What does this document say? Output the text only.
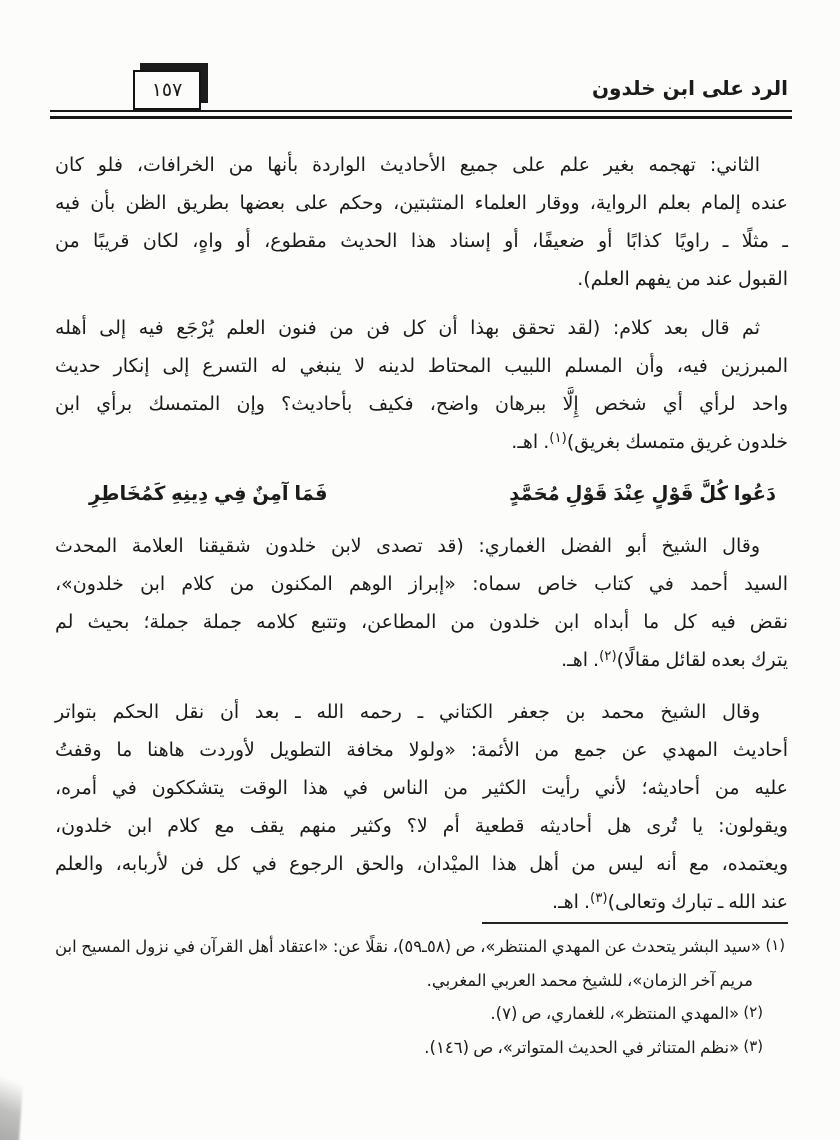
١٥٧	الرد على ابن خلدون

الثاني: تهجمه بغير علم على جميع الأحاديث الواردة بأنها من الخرافات، فلو كان
عنده إلمام بعلم الرواية، ووقار العلماء المتثبتين، وحكم على بعضها بطريق الظن بأن فيه
ـ مثلًا ـ راويًا كذابًا أو ضعيفًا، أو إسناد هذا الحديث مقطوع، أو واهٍ، لكان قريبًا من
القبول عند من يفهم العلم).

ثم قال بعد كلام: (لقد تحقق بهذا أن كل فن من فنون العلم يُرْجَع فيه إلى أهله
المبرزين فيه، وأن المسلم اللبيب المحتاط لدينه لا ينبغي له التسرع إلى إنكار حديث
واحد لرأي أي شخص إِلَّا ببرهان واضح، فكيف بأحاديث؟ وإن المتمسك برأي ابن
خلدون غريق متمسك بغريق)$^{(١)}$. اهـ.

دَعُوا كُلَّ قَوْلٍ عِنْدَ قَوْلِ مُحَمَّدٍ
فَمَا آمِنٌ فِي دِينِهِ كَمُخَاطِرِ

وقال الشيخ أبو الفضل الغماري: (قد تصدى لابن خلدون شقيقنا العلامة المحدث
السيد أحمد في كتاب خاص سماه: «إبراز الوهم المكنون من كلام ابن خلدون»،
نقض فيه كل ما أبداه ابن خلدون من المطاعن، وتتبع كلامه جملة جملة؛ بحيث لم
يترك بعده لقائل مقالًا)$^{(٢)}$. اهـ.

وقال الشيخ محمد بن جعفر الكتاني ـ رحمه الله ـ بعد أن نقل الحكم بتواتر
أحاديث المهدي عن جمع من الأئمة: «ولولا مخافة التطويل لأوردت هاهنا ما وقفتُ
عليه من أحاديثه؛ لأني رأيت الكثير من الناس في هذا الوقت يتشككون في أمره،
ويقولون: يا تُرى هل أحاديثه قطعية أم لا؟ وكثير منهم يقف مع كلام ابن خلدون،
ويعتمده، مع أنه ليس من أهل هذا الميْدان، والحق الرجوع في كل فن لأربابه، والعلم
عند الله ـ تبارك وتعالى)$^{(٣)}$. اهـ.

(١) «سيد البشر يتحدث عن المهدي المنتظر»، ص (٥٨ـ٥٩)، نقلًا عن: «اعتقاد أهل القرآن في نزول المسيح ابن مريم آخر الزمان»، للشيخ محمد العربي المغربي.
(٢) «المهدي المنتظر»، للغماري، ص (٧).
(٣) «نظم المتناثر في الحديث المتواتر»، ص (١٤٦).
